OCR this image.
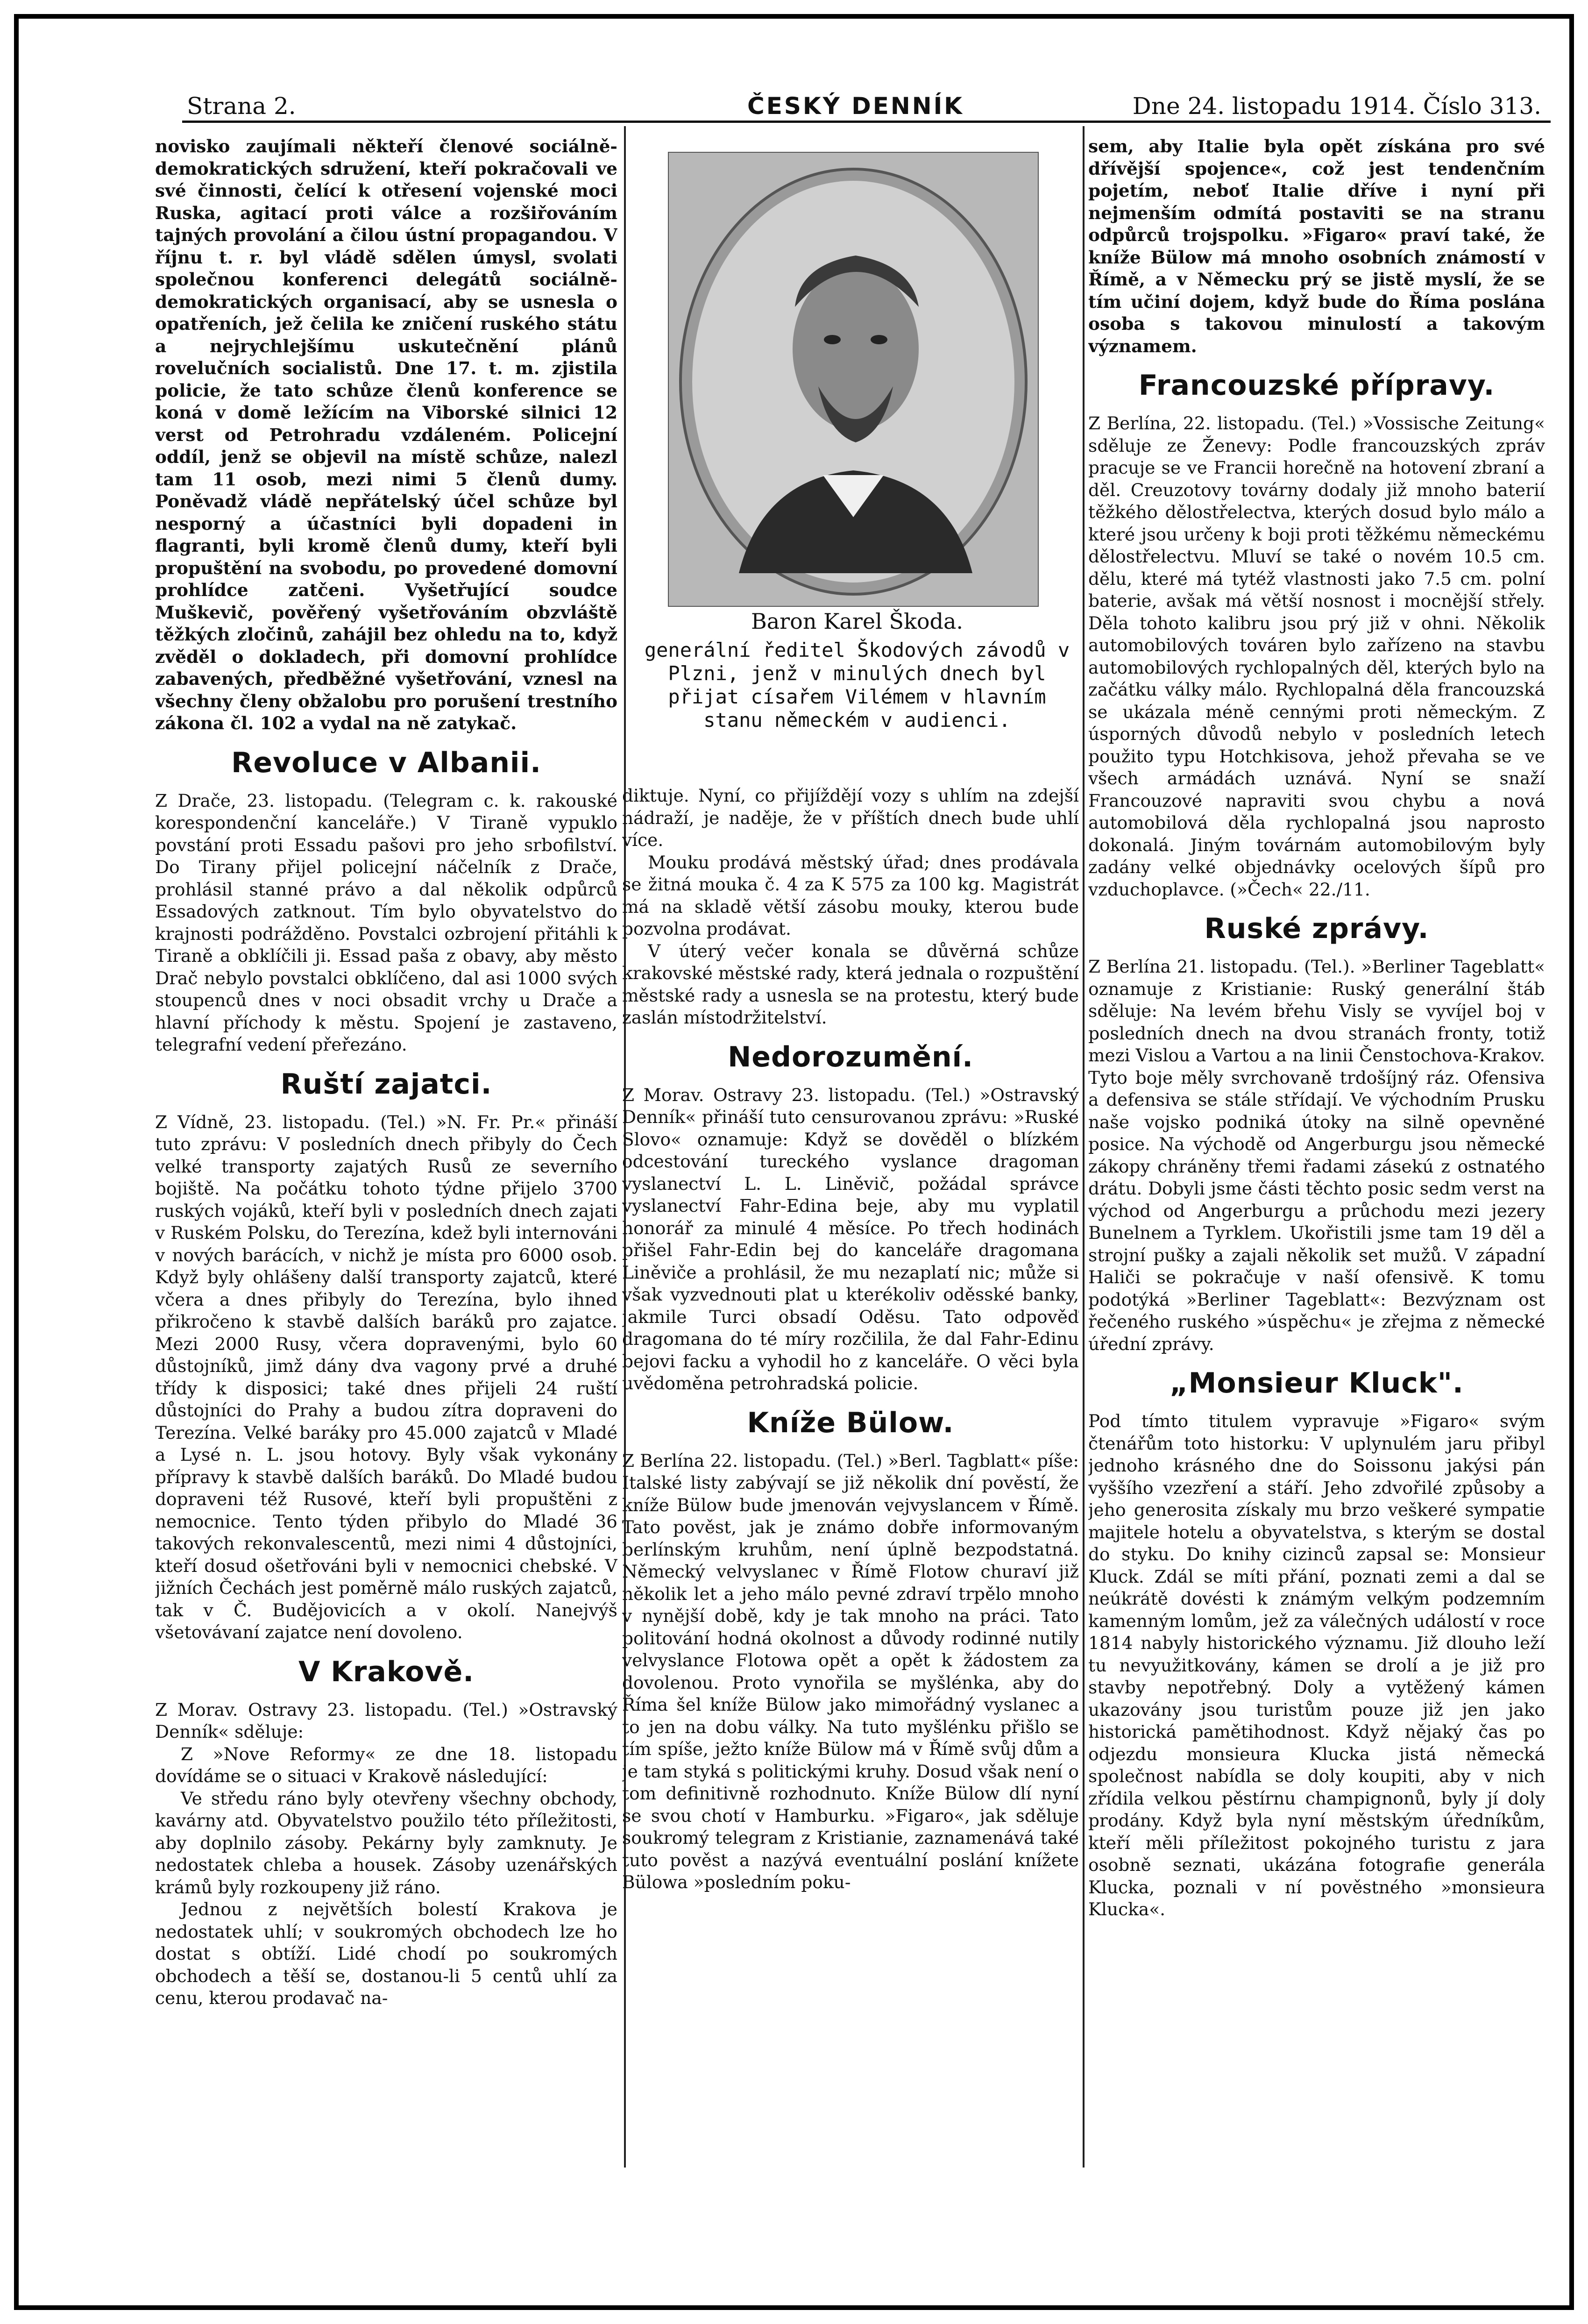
Strana 2.	ČESKÝ DENNÍK	Dne 24. listopadu 1914. Číslo 313.

novisko zaujímali někteří členové sociálně-demokratických sdružení, kteří pokračovali ve své činnosti, čelící k otřesení vojenské moci Ruska, agitací proti válce a rozšiřováním tajných provolání a čilou ústní propagandou. V říjnu t. r. byl vládě sdělen úmysl, svolati společnou konferenci delegátů sociálně-demokratických organisací, aby se usnesla o opatřeních, jež čelila ke zničení ruského státu a nejrychlejšímu uskutečnění plánů rovelučních socialistů. Dne 17. t. m. zjistila policie, že tato schůze členů konference se koná v domě ležícím na Viborské silnici 12 verst od Petrohradu vzdáleném. Policejní oddíl, jenž se objevil na místě schůze, nalezl tam 11 osob, mezi nimi 5 členů dumy. Poněvadž vládě nepřátelský účel schůze byl nesporný a účastníci byli dopadeni in flagranti, byli kromě členů dumy, kteří byli propuštění na svobodu, po provedené domovní prohlídce zatčeni. Vyšetřující soudce Muškevič, pověřený vyšetřováním obzvláště těžkých zločinů, zahájil bez ohledu na to, když zvěděl o dokladech, při domovní prohlídce zabavených, předběžné vyšetřování, vznesl na všechny členy obžalobu pro porušení trestního zákona čl. 102 a vydal na ně zatykač.

Revoluce v Albanii.

Z Drače, 23. listopadu. (Telegram c. k. rakouské korespondenční kanceláře.) V Tiraně vypuklo povstání proti Essadu pašovi pro jeho srbofilství. Do Tirany přijel policejní náčelník z Drače, prohlásil stanné právo a dal několik odpůrců Essadových zatknout. Tím bylo obyvatelstvo do krajnosti podrážděno. Povstalci ozbrojení přitáhli k Tiraně a obklíčili ji. Essad paša z obavy, aby město Drač nebylo povstalci obklíčeno, dal asi 1000 svých stoupenců dnes v noci obsadit vrchy u Drače a hlavní příchody k městu. Spojení je zastaveno, telegrafní vedení přeřezáno.

Ruští zajatci.

Z Vídně, 23. listopadu. (Tel.) »N. Fr. Pr.« přináší tuto zprávu: V posledních dnech přibyly do Čech velké transporty zajatých Rusů ze severního bojiště. Na počátku tohoto týdne přijelo 3700 ruských vojáků, kteří byli v posledních dnech zajati v Ruském Polsku, do Terezína, kdež byli internováni v nových barácích, v nichž je místa pro 6000 osob. Když byly ohlášeny další transporty zajatců, které včera a dnes přibyly do Terezína, bylo ihned přikročeno k stavbě dalších baráků pro zajatce. Mezi 2000 Rusy, včera dopravenými, bylo 60 důstojníků, jimž dány dva vagony prvé a druhé třídy k disposici; také dnes přijeli 24 ruští důstojníci do Prahy a budou zítra dopraveni do Terezína. Velké baráky pro 45.000 zajatců v Mladé a Lysé n. L. jsou hotovy. Byly však vykonány přípravy k stavbě dalších baráků. Do Mladé budou dopraveni též Rusové, kteří byli propuštěni z nemocnice. Tento týden přibylo do Mladé 36 takových rekonvalescentů, mezi nimi 4 důstojníci, kteří dosud ošetřováni byli v nemocnici chebské. V jižních Čechách jest poměrně málo ruských zajatců, tak v Č. Budějovicích a v okolí. Nanejvýš všetovávaní zajatce není dovoleno.

V Krakově.

Z Morav. Ostravy 23. listopadu. (Tel.) »Ostravský Denník« sděluje:

Z »Nove Reformy« ze dne 18. listopadu dovídáme se o situaci v Krakově následující:

Ve středu ráno byly otevřeny všechny obchody, kavárny atd. Obyvatelstvo použilo této příležitosti, aby doplnilo zásoby. Pekárny byly zamknuty. Je nedostatek chleba a housek. Zásoby uzenářských krámů byly rozkoupeny již ráno.

Jednou z největších bolestí Krakova je nedostatek uhlí; v soukromých obchodech lze ho dostat s obtíží. Lidé chodí po soukromých obchodech a těší se, dostanou-li 5 centů uhlí za cenu, kterou prodavač na-

Baron Karel Škoda.
generální ředitel Škodových závodů v Plzni, jenž v minulých dnech byl přijat císařem Vilémem v hlavním stanu německém v audienci.

diktuje. Nyní, co přijíždějí vozy s uhlím na zdejší nádraží, je naděje, že v příštích dnech bude uhlí více.

Mouku prodává městský úřad; dnes prodávala se žitná mouka č. 4 za K 575 za 100 kg. Magistrát má na skladě větší zásobu mouky, kterou bude pozvolna prodávat.

V úterý večer konala se důvěrná schůze krakovské městské rady, která jednala o rozpuštění městské rady a usnesla se na protestu, který bude zaslán místodržitelství.

Nedorozumění.

Z Morav. Ostravy 23. listopadu. (Tel.) »Ostravský Denník« přináší tuto censurovanou zprávu: »Ruské Slovo« oznamuje: Když se dověděl o blízkém odcestování tureckého vyslance dragoman vyslanectví L. L. Liněvič, požádal správce vyslanectví Fahr-Edina beje, aby mu vyplatil honorář za minulé 4 měsíce. Po třech hodinách přišel Fahr-Edin bej do kanceláře dragomana Liněviče a prohlásil, že mu nezaplatí nic; může si však vyzvednouti plat u kterékoliv oděsské banky, jakmile Turci obsadí Oděsu. Tato odpověď dragomana do té míry rozčilila, že dal Fahr-Edinu bejovi facku a vyhodil ho z kanceláře. O věci byla uvědoměna petrohradská policie.

Kníže Bülow.

Z Berlína 22. listopadu. (Tel.) »Berl. Tagblatt« píše: Italské listy zabývají se již několik dní pověstí, že kníže Bülow bude jmenován vejvyslancem v Římě. Tato pověst, jak je známo dobře informovaným berlínským kruhům, není úplně bezpodstatná. Německý velvyslanec v Římě Flotow churaví již několik let a jeho málo pevné zdraví trpělo mnoho v nynější době, kdy je tak mnoho na práci. Tato politování hodná okolnost a důvody rodinné nutily velvyslance Flotowa opět a opět k žádostem za dovolenou. Proto vynořila se myšlénka, aby do Říma šel kníže Bülow jako mimořádný vyslanec a to jen na dobu války. Na tuto myšlénku přišlo se tím spíše, ježto kníže Bülow má v Římě svůj dům a je tam styká s politickými kruhy. Dosud však není o tom definitivně rozhodnuto. Kníže Bülow dlí nyní se svou chotí v Hamburku. »Figaro«, jak sděluje soukromý telegram z Kristianie, zaznamenává také tuto pověst a nazývá eventuální poslání knížete Bülowa »posledním poku-

sem, aby Italie byla opět získána pro své dřívější spojence«, což jest tendenčním pojetím, neboť Italie dříve i nyní při nejmenším odmítá postaviti se na stranu odpůrců trojspolku. »Figaro« praví také, že kníže Bülow má mnoho osobních známostí v Římě, a v Německu prý se jistě myslí, že se tím učiní dojem, když bude do Říma poslána osoba s takovou minulostí a takovým významem.

Francouzské přípravy.

Z Berlína, 22. listopadu. (Tel.) »Vossische Zeitung« sděluje ze Ženevy: Podle francouzských zpráv pracuje se ve Francii horečně na hotovení zbraní a děl. Creuzotovy továrny dodaly již mnoho baterií těžkého dělostřelectva, kterých dosud bylo málo a které jsou určeny k boji proti těžkému německému dělostřelectvu. Mluví se také o novém 10.5 cm. dělu, které má tytéž vlastnosti jako 7.5 cm. polní baterie, avšak má větší nosnost i mocnější střely. Děla tohoto kalibru jsou prý již v ohni. Několik automobilových továren bylo zařízeno na stavbu automobilových rychlopalných děl, kterých bylo na začátku války málo. Rychlopalná děla francouzská se ukázala méně cennými proti německým. Z úsporných důvodů nebylo v posledních letech použito typu Hotchkisova, jehož převaha se ve všech armádách uznává. Nyní se snaží Francouzové napraviti svou chybu a nová automobilová děla rychlopalná jsou naprosto dokonalá. Jiným továrnám automobilovým byly zadány velké objednávky ocelových šípů pro vzduchoplavce. (»Čech« 22./11.

Ruské zprávy.

Z Berlína 21. listopadu. (Tel.). »Berliner Tageblatt« oznamuje z Kristianie: Ruský generální štáb sděluje: Na levém břehu Visly se vyvíjel boj v posledních dnech na dvou stranách fronty, totiž mezi Vislou a Vartou a na linii Čenstochova-Krakov. Tyto boje měly svrchovaně trdošíjný ráz. Ofensiva a defensiva se stále střídají. Ve východním Prusku naše vojsko podniká útoky na silně opevněné posice. Na východě od Angerburgu jsou německé zákopy chráněny třemi řadami zásekú z ostnatého drátu. Dobyli jsme části těchto posic sedm verst na východ od Angerburgu a průchodu mezi jezery Bunelnem a Tyrklem. Ukořistili jsme tam 19 děl a strojní pušky a zajali několik set mužů. V západní Haliči se pokračuje v naší ofensivě. K tomu podotýká »Berliner Tageblatt«: Bezvýznam ost řečeného ruského »úspěchu« je zřejma z německé úřední zprávy.

„Monsieur Kluck".

Pod tímto titulem vypravuje »Figaro« svým čtenářům toto historku: V uplynulém jaru přibyl jednoho krásného dne do Soissonu jakýsi pán vyššího vzezření a stáří. Jeho zdvořilé způsoby a jeho generosita získaly mu brzo veškeré sympatie majitele hotelu a obyvatelstva, s kterým se dostal do styku. Do knihy cizinců zapsal se: Monsieur Kluck. Zdál se míti přání, poznati zemi a dal se neúkrátě dovésti k známým velkým podzemním kamenným lomům, jež za válečných událostí v roce 1814 nabyly historického významu. Již dlouho leží tu nevyužitkovány, kámen se drolí a je již pro stavby nepotřebný. Doly a vytěžený kámen ukazovány jsou turistům pouze již jen jako historická pamětihodnost. Když nějaký čas po odjezdu monsieura Klucka jistá německá společnost nabídla se doly koupiti, aby v nich zřídila velkou pěstírnu champignonů, byly jí doly prodány. Když byla nyní městským úředníkům, kteří měli příležitost pokojného turistu z jara osobně seznati, ukázána fotografie generála Klucka, poznali v ní pověstného »monsieura Klucka«.
